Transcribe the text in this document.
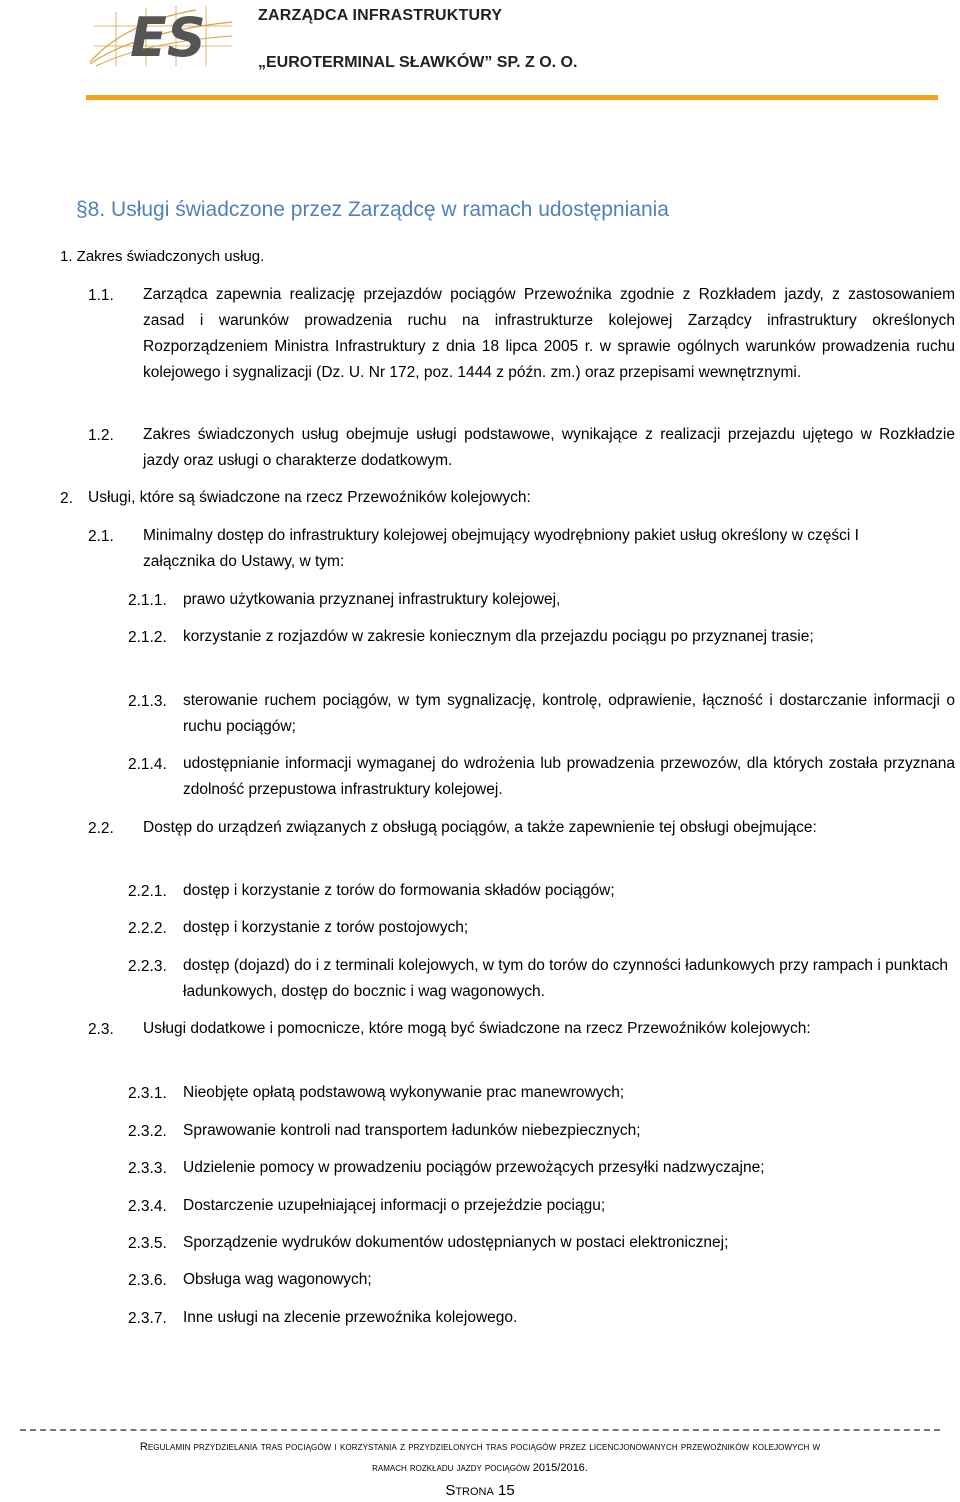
ES	ZARZĄDCA INFRASTRUKTURY
„EUROTERMINAL SŁAWKÓW” SP. Z O. O.
§8. Usługi świadczone przez Zarządcę w ramach udostępniania
1. Zakres świadczonych usług.
1.1. Zarządca zapewnia realizację przejazdów pociągów Przewoźnika zgodnie z Rozkładem jazdy, z zastosowaniem zasad i warunków prowadzenia ruchu na infrastrukturze kolejowej Zarządcy infrastruktury określonych Rozporządzeniem Ministra Infrastruktury z dnia 18 lipca 2005 r. w sprawie ogólnych warunków prowadzenia ruchu kolejowego i sygnalizacji (Dz. U. Nr 172, poz. 1444 z późn. zm.) oraz przepisami wewnętrznymi.
1.2. Zakres świadczonych usług obejmuje usługi podstawowe, wynikające z realizacji przejazdu ujętego w Rozkładzie jazdy oraz usługi o charakterze dodatkowym.
2. Usługi, które są świadczone na rzecz Przewoźników kolejowych:
2.1. Minimalny dostęp do infrastruktury kolejowej obejmujący wyodrębniony pakiet usług określony w części I załącznika do Ustawy, w tym:
2.1.1. prawo użytkowania przyznanej infrastruktury kolejowej,
2.1.2. korzystanie z rozjazdów w zakresie koniecznym dla przejazdu pociągu po przyznanej trasie;
2.1.3. sterowanie ruchem pociągów, w tym sygnalizację, kontrolę, odprawienie, łączność i dostarczanie informacji o ruchu pociągów;
2.1.4. udostępnianie informacji wymaganej do wdrożenia lub prowadzenia przewozów, dla których została przyznana zdolność przepustowa infrastruktury kolejowej.
2.2. Dostęp do urządzeń związanych z obsługą pociągów, a także zapewnienie tej obsługi obejmujące:
2.2.1. dostęp i korzystanie z torów do formowania składów pociągów;
2.2.2. dostęp i korzystanie z torów postojowych;
2.2.3. dostęp (dojazd) do i z terminali kolejowych, w tym do torów do czynności ładunkowych przy rampach i punktach ładunkowych, dostęp do bocznic i wag wagonowych.
2.3. Usługi dodatkowe i pomocnicze, które mogą być świadczone na rzecz Przewoźników kolejowych:
2.3.1. Nieobjęte opłatą podstawową wykonywanie prac manewrowych;
2.3.2. Sprawowanie kontroli nad transportem ładunków niebezpiecznych;
2.3.3. Udzielenie pomocy w prowadzeniu pociągów przewożących przesyłki nadzwyczajne;
2.3.4. Dostarczenie uzupełniającej informacji o przejeździe pociągu;
2.3.5. Sporządzenie wydruków dokumentów udostępnianych w postaci elektronicznej;
2.3.6. Obsługa wag wagonowych;
2.3.7. Inne usługi na zlecenie przewoźnika kolejowego.
Regulamin przydzielania tras pociągów i korzystania z przydzielonych tras pociągów przez licencjonowanych przewoźników kolejowych w
ramach rozkładu jazdy pociągów 2015/2016.
Strona 15
